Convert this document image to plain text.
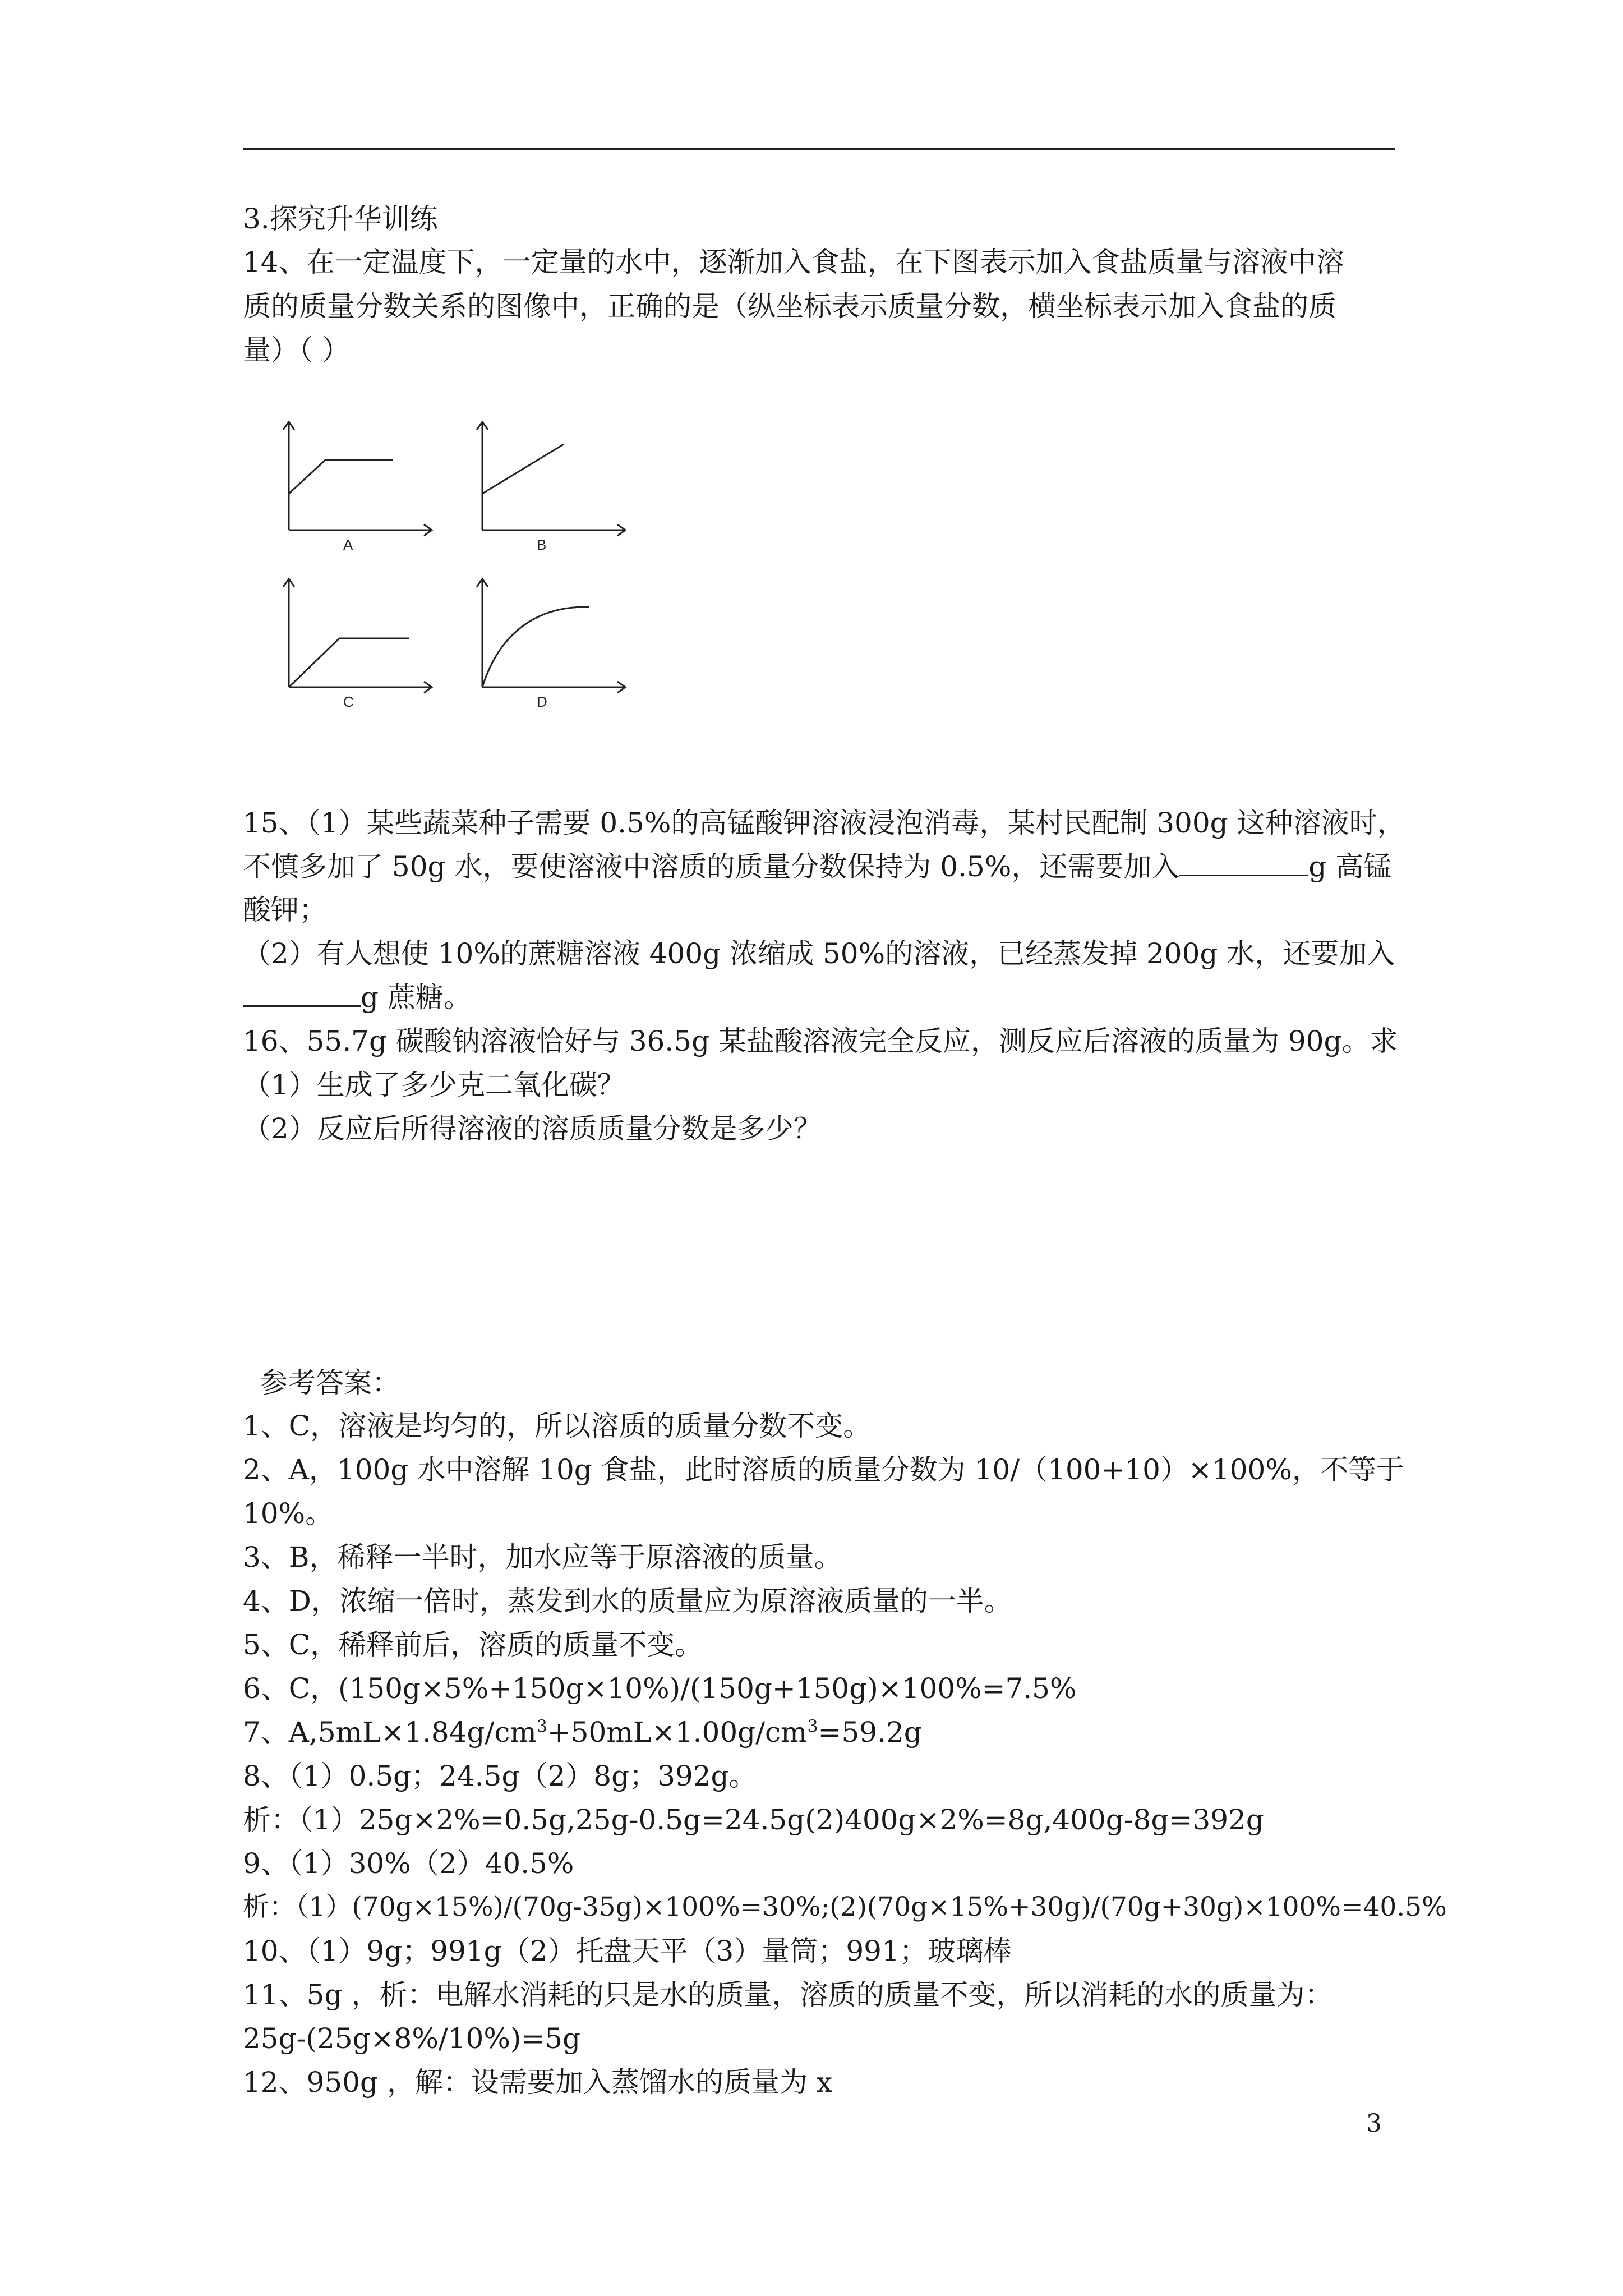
3.探究升华训练
14、在一定温度下，一定量的水中，逐渐加入食盐，在下图表示加入食盐质量与溶液中溶
质的质量分数关系的图像中，正确的是（纵坐标表示质量分数，横坐标表示加入食盐的质
量）（ ）
A	B
C	D
15、（1）某些蔬菜种子需要 0.5%的高锰酸钾溶液浸泡消毒，某村民配制 300g 这种溶液时，
不慎多加了 50g 水，要使溶液中溶质的质量分数保持为 0.5%，还需要加入	g 高锰
酸钾；
（2）有人想使 10%的蔗糖溶液 400g 浓缩成 50%的溶液，已经蒸发掉 200g 水，还要加入
g 蔗糖。
16、55.7g 碳酸钠溶液恰好与 36.5g 某盐酸溶液完全反应，测反应后溶液的质量为 90g。求
（1）生成了多少克二氧化碳？
（2）反应后所得溶液的溶质质量分数是多少？
参考答案：
1、C，溶液是均匀的，所以溶质的质量分数不变。
2、A，100g 水中溶解 10g 食盐，此时溶质的质量分数为 10/（100+10）×100%，不等于
10%。
3、B，稀释一半时，加水应等于原溶液的质量。
4、D，浓缩一倍时，蒸发到水的质量应为原溶液质量的一半。
5、C，稀释前后，溶质的质量不变。
6、C，(150g×5%+150g×10%)/(150g+150g)×100%=7.5%
7、$A,5mL\times 1.84g/cm^3+50mL\times 1.00g/cm^3=59.2g$
8、（1）0.5g；24.5g（2）8g；392g。
析：（1）25g×2%=0.5g,25g-0.5g=24.5g(2)400g×2%=8g,400g-8g=392g
9、（1）30%（2）40.5%
析：（1）(70g×15%)/(70g-35g)×100%=30%;(2)(70g×15%+30g)/(70g+30g)×100%=40.5%
10、（1）9g；991g（2）托盘天平（3）量筒；991；玻璃棒
11、5g ，析：电解水消耗的只是水的质量，溶质的质量不变，所以消耗的水的质量为：
25g-(25g×8%/10%)=5g
12、950g ，解：设需要加入蒸馏水的质量为 x
3
